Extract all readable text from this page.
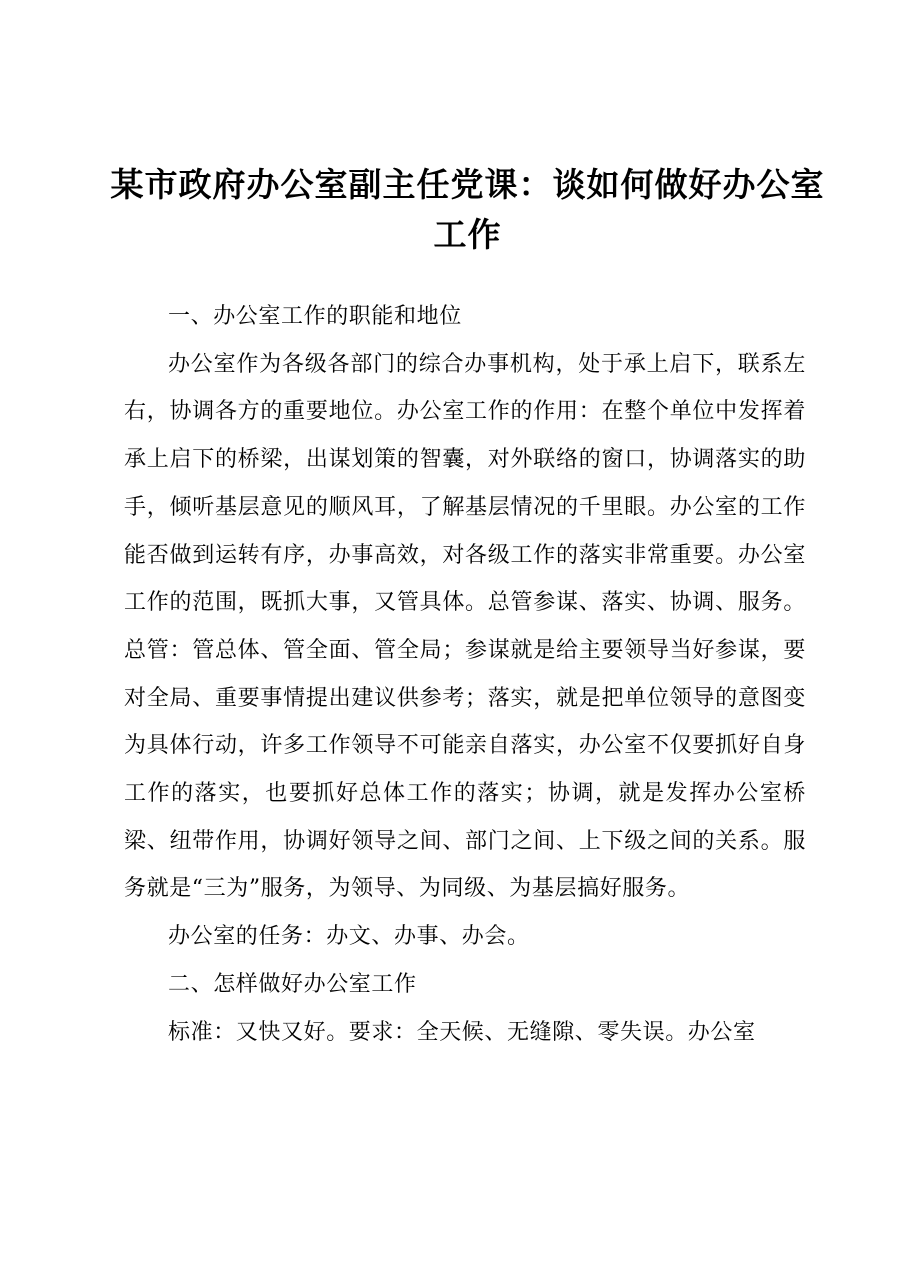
某市政府办公室副主任党课：谈如何做好办公室
工作

一、办公室工作的职能和地位

办公室作为各级各部门的综合办事机构，处于承上启下，联系左右，协调各方的重要地位。办公室工作的作用：在整个单位中发挥着承上启下的桥梁，出谋划策的智囊，对外联络的窗口，协调落实的助手，倾听基层意见的顺风耳，了解基层情况的千里眼。办公室的工作能否做到运转有序，办事高效，对各级工作的落实非常重要。办公室工作的范围，既抓大事，又管具体。总管参谋、落实、协调、服务。总管：管总体、管全面、管全局；参谋就是给主要领导当好参谋，要对全局、重要事情提出建议供参考；落实，就是把单位领导的意图变为具体行动，许多工作领导不可能亲自落实，办公室不仅要抓好自身工作的落实，也要抓好总体工作的落实；协调，就是发挥办公室桥梁、纽带作用，协调好领导之间、部门之间、上下级之间的关系。服务就是“三为”服务，为领导、为同级、为基层搞好服务。

办公室的任务：办文、办事、办会。

二、怎样做好办公室工作

标准：又快又好。要求：全天候、无缝隙、零失误。办公室
